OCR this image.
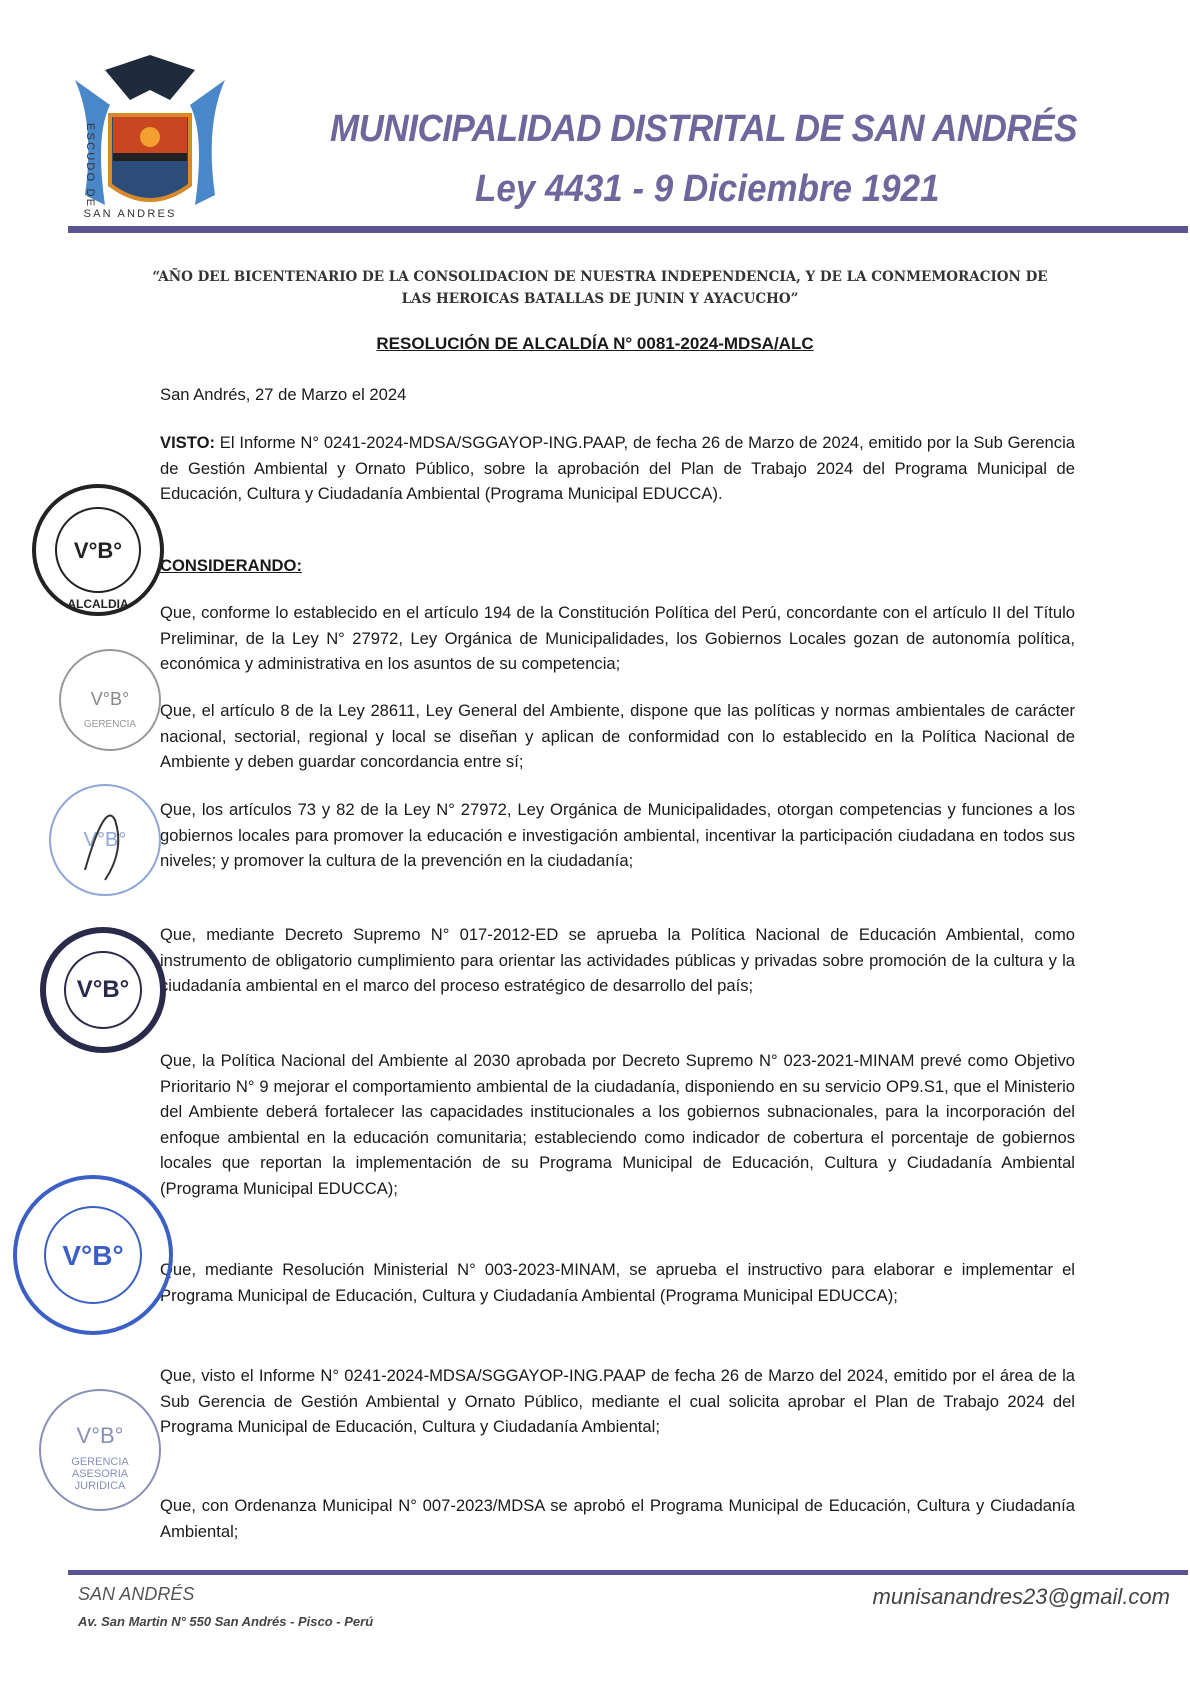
ESCUDO DE SAN ANDRES
MUNICIPALIDAD DISTRITAL DE SAN ANDRÉS
Ley 4431 - 9 Diciembre 1921
“AÑO DEL BICENTENARIO DE LA CONSOLIDACION DE NUESTRA INDEPENDENCIA, Y DE LA CONMEMORACION DE LAS HEROICAS BATALLAS DE JUNIN Y AYACUCHO”
RESOLUCIÓN DE ALCALDÍA N° 0081-2024-MDSA/ALC
San Andrés, 27 de Marzo el 2024
VISTO: El Informe N° 0241-2024-MDSA/SGGAYOP-ING.PAAP, de fecha 26 de Marzo de 2024, emitido por la Sub Gerencia de Gestión Ambiental y Ornato Público, sobre la aprobación del Plan de Trabajo 2024 del Programa Municipal de Educación, Cultura y Ciudadanía Ambiental (Programa Municipal EDUCCA).
CONSIDERANDO:
Que, conforme lo establecido en el artículo 194 de la Constitución Política del Perú, concordante con el artículo II del Título Preliminar, de la Ley N° 27972, Ley Orgánica de Municipalidades, los Gobiernos Locales gozan de autonomía política, económica y administrativa en los asuntos de su competencia;
Que, el artículo 8 de la Ley 28611, Ley General del Ambiente, dispone que las políticas y normas ambientales de carácter nacional, sectorial, regional y local se diseñan y aplican de conformidad con lo establecido en la Política Nacional de Ambiente y deben guardar concordancia entre sí;
Que, los artículos 73 y 82 de la Ley N° 27972, Ley Orgánica de Municipalidades, otorgan competencias y funciones a los gobiernos locales para promover la educación e investigación ambiental, incentivar la participación ciudadana en todos sus niveles; y promover la cultura de la prevención en la ciudadanía;
Que, mediante Decreto Supremo N° 017-2012-ED se aprueba la Política Nacional de Educación Ambiental, como instrumento de obligatorio cumplimiento para orientar las actividades públicas y privadas sobre promoción de la cultura y la ciudadanía ambiental en el marco del proceso estratégico de desarrollo del país;
Que, la Política Nacional del Ambiente al 2030 aprobada por Decreto Supremo N° 023-2021-MINAM prevé como Objetivo Prioritario N° 9 mejorar el comportamiento ambiental de la ciudadanía, disponiendo en su servicio OP9.S1, que el Ministerio del Ambiente deberá fortalecer las capacidades institucionales a los gobiernos subnacionales, para la incorporación del enfoque ambiental en la educación comunitaria; estableciendo como indicador de cobertura el porcentaje de gobiernos locales que reportan la implementación de su Programa Municipal de Educación, Cultura y Ciudadanía Ambiental (Programa Municipal EDUCCA);
Que, mediante Resolución Ministerial N° 003-2023-MINAM, se aprueba el instructivo para elaborar e implementar el Programa Municipal de Educación, Cultura y Ciudadanía Ambiental (Programa Municipal EDUCCA);
Que, visto el Informe N° 0241-2024-MDSA/SGGAYOP-ING.PAAP de fecha 26 de Marzo del 2024, emitido por el área de la Sub Gerencia de Gestión Ambiental y Ornato Público, mediante el cual solicita aprobar el Plan de Trabajo 2024 del Programa Municipal de Educación, Cultura y Ciudadanía Ambiental;
Que, con Ordenanza Municipal N° 007-2023/MDSA se aprobó el Programa Municipal de Educación, Cultura y Ciudadanía Ambiental;
V°B°
ALCALDIA
V°B°
GERENCIA
V°B°
V°B°
V°B°
V°B°
GERENCIA
ASESORIA
JURIDICA
SAN ANDRÉS
Av. San Martin N° 550 San Andrés - Pisco - Perú
munisanandres23@gmail.com
